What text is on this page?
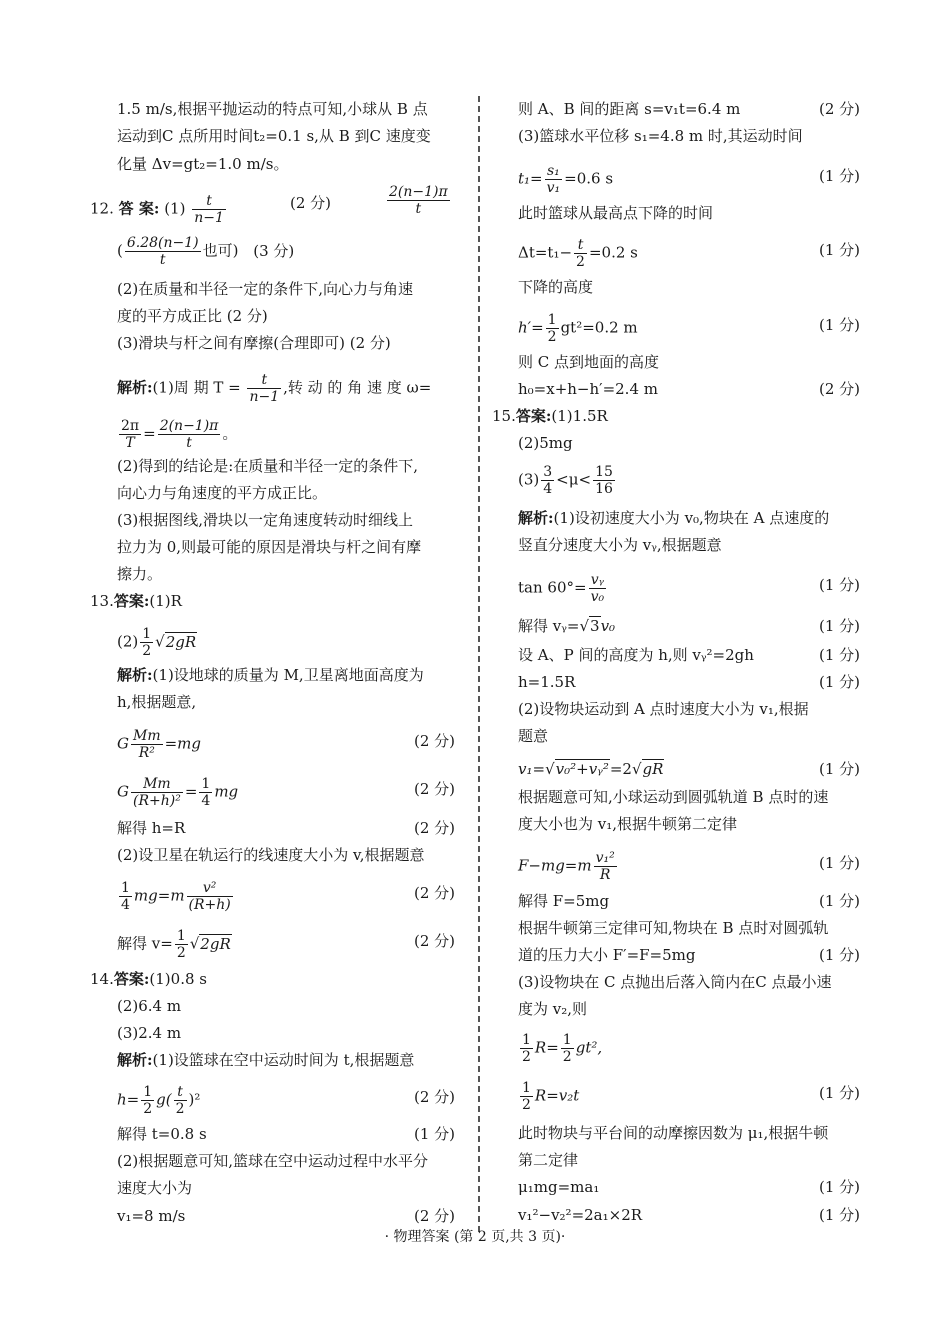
1.5 m/s,根据平抛运动的特点可知,小球从 B 点
运动到C 点所用时间t₂=0.1 s,从 B 到C 速度变
化量 Δv=gt₂=1.0 m/s。
12. 答 案: $(1) \frac{t}{n-1}$	(2 分)	$\frac{2(n-1)\pi}{t}$
( $\frac{6.28(n-1)}{t}$ 也可) (3 分)
(2)在质量和半径一定的条件下,向心力与角速
度的平方成正比 (2 分)
(3)滑块与杆之间有摩擦(合理即可) (2 分)
解析:(1)周 期 $T = \frac{t}{n-1}$ ,转 动 的 角 速 度 ω=
$\frac{2\pi}{T} = \frac{2(n-1)\pi}{t}$ 。
(2)得到的结论是:在质量和半径一定的条件下,
向心力与角速度的平方成正比。
(3)根据图线,滑块以一定角速度转动时细线上
拉力为 0,则最可能的原因是滑块与杆之间有摩
擦力。
13.答案:(1)R
$(2) \frac{1}{2} √2gR$
解析:(1)设地球的质量为 M,卫星离地面高度为
h,根据题意,
G $\frac{Mm}{\text{R²}} =mg$	(2 分)
G $\frac{Mm}{\text{(R+h)²}} = \frac{1}{4}$ mg	(2 分)
解得 h=R	(2 分)
(2)设卫星在轨运行的线速度大小为 v,根据题意
$\frac{1}{4} mg=m \frac{\text{v²}}{(R+h)}$	(2 分)
解得 $v= \frac{1}{2} √2gR$	(2 分)
14.答案:(1)0.8 s
(2)6.4 m
(3)2.4 m
解析:(1)设篮球在空中运动时间为 t,根据题意
$h= \frac{1}{2} g( \frac{t}{2} )^2$	(2 分)
解得 t=0.8 s	(1 分)
(2)根据题意可知,篮球在空中运动过程中水平分
速度大小为
v₁=8 m/s	(2 分)
则 A、B 间的距离 s=v₁t=6.4 m	(2 分)
(3)篮球水平位移 s₁=4.8 m 时,其运动时间
$t_1= \frac{\text{s₁}}{\text{v₁}} =0.6$ s	(1 分)
此时篮球从最高点下降的时间
$\Delta t=t_1- \frac{t}{2} =0.2$ s	(1 分)
下降的高度
$h'= \frac{1}{2} gt^2=0.2$ m	(1 分)
则 C 点到地面的高度
h₀=x+h−h′=2.4 m	(2 分)
15.答案:(1)1.5R
(2)5mg
$(3) \frac{3}{4} <\mu< \frac{15}{16}$
解析:(1)设初速度大小为 v₀,物块在 A 点速度的
竖直分速度大小为 vᵧ,根据题意
$\tan 60^\circ= \frac{\text{vᵧ}}{\text{v₀}}$	(1 分)
解得 vᵧ=√3v₀	(1 分)
设 A、P 间的高度为 h,则 vᵧ²=2gh	(1 分)
h=1.5R	(1 分)
(2)设物块运动到 A 点时速度大小为 v₁,根据
题意
v₁=√v₀²+vᵧ²=2√gR	(1 分)
根据题意可知,小球运动到圆弧轨道 B 点时的速
度大小也为 v₁,根据牛顿第二定律
$F-mg=m \frac{\text{v₁²}}{R}$	(1 分)
解得 F=5mg	(1 分)
根据牛顿第三定律可知,物块在 B 点时对圆弧轨
道的压力大小 F′=F=5mg	(1 分)
(3)设物块在 C 点抛出后落入筒内在C 点最小速
度为 v₂,则
$\frac{1}{2} R= \frac{1}{2} gt^2$,
$\frac{1}{2} R=v_2t$	(1 分)
此时物块与平台间的动摩擦因数为 μ₁,根据牛顿
第二定律
μ₁mg=ma₁	(1 分)
v₁²−v₂²=2a₁×2R	(1 分)
· 物理答案 (第 2 页,共 3 页)·
